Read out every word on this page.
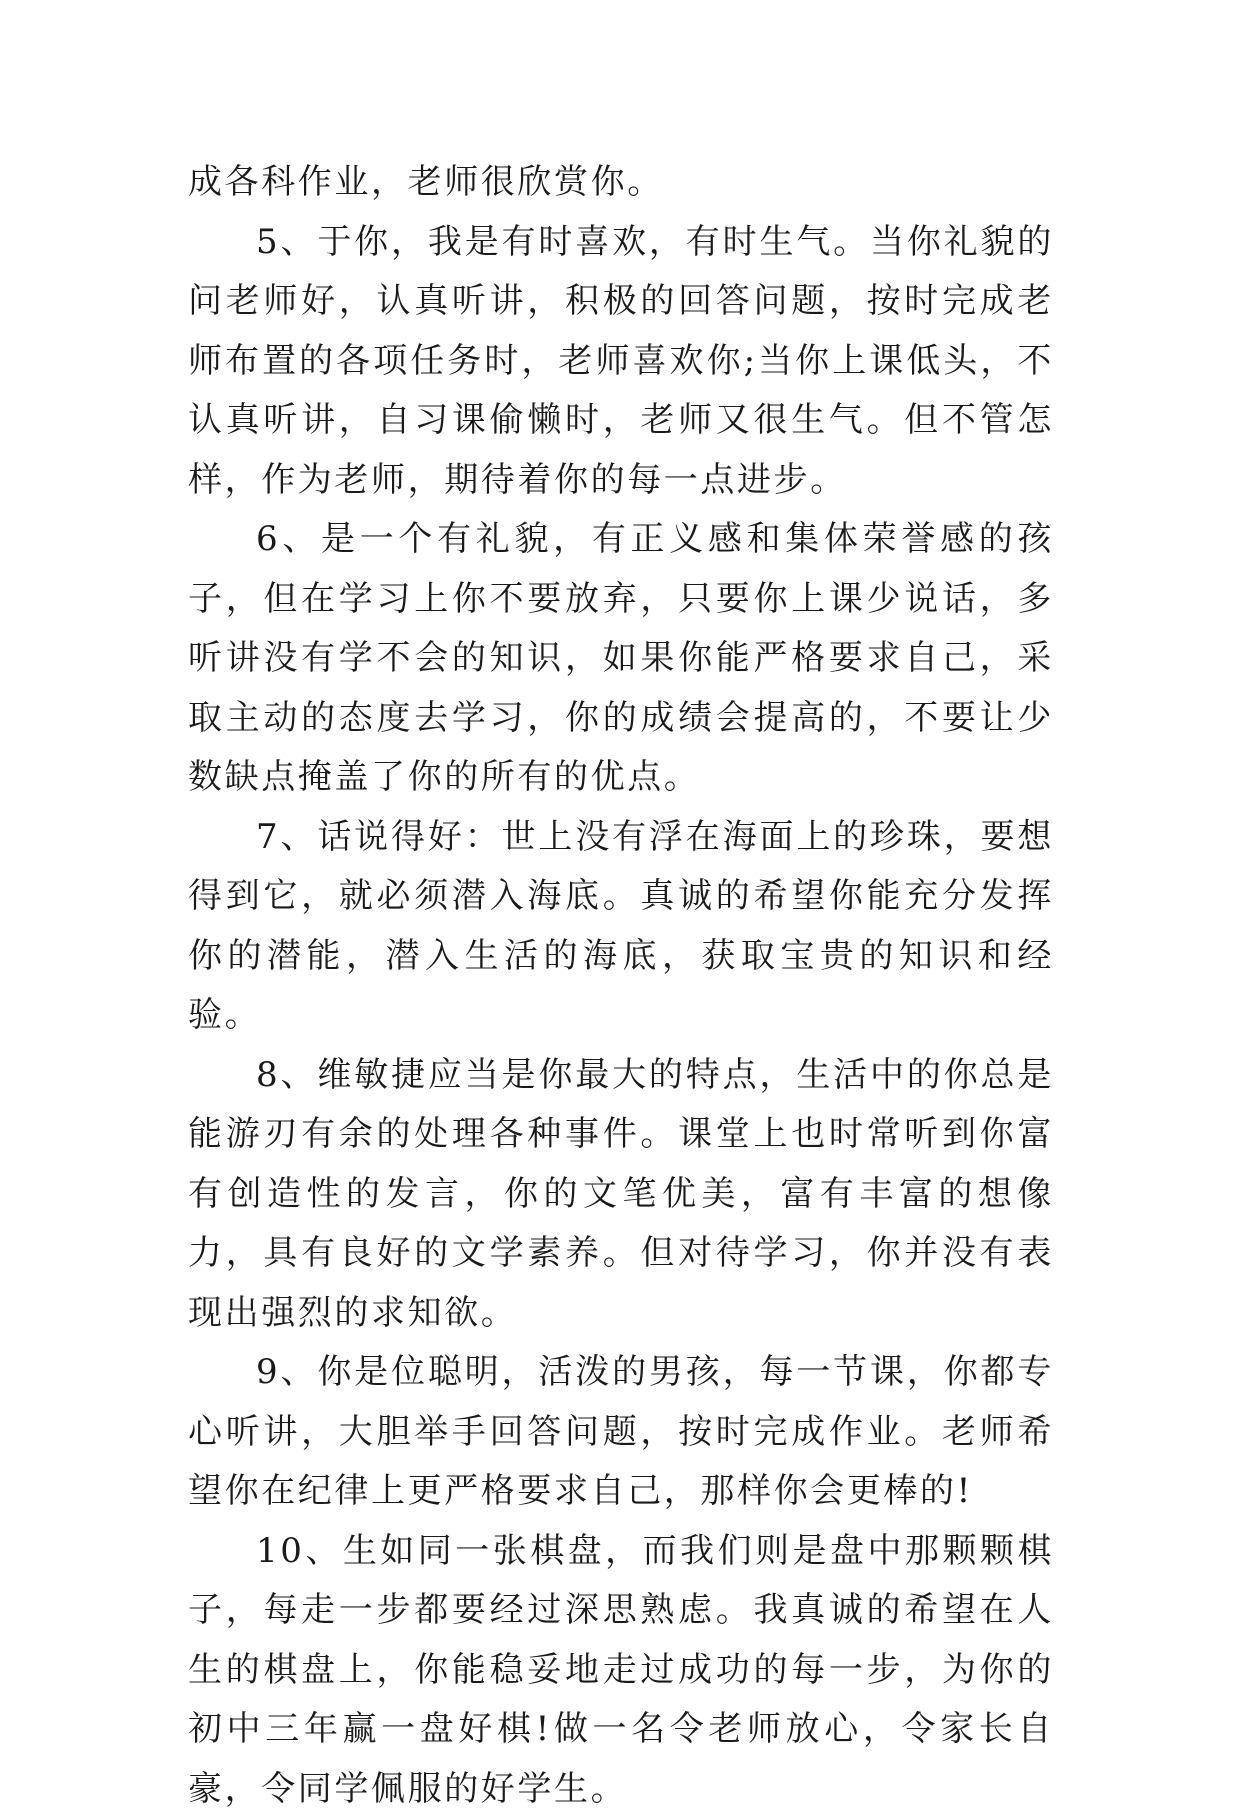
成各科作业，老师很欣赏你。

5、于你，我是有时喜欢，有时生气。当你礼貌的问老师好，认真听讲，积极的回答问题，按时完成老师布置的各项任务时，老师喜欢你;当你上课低头，不认真听讲，自习课偷懒时，老师又很生气。但不管怎样，作为老师，期待着你的每一点进步。

6、是一个有礼貌，有正义感和集体荣誉感的孩子，但在学习上你不要放弃，只要你上课少说话，多听讲没有学不会的知识，如果你能严格要求自己，采取主动的态度去学习，你的成绩会提高的，不要让少数缺点掩盖了你的所有的优点。

7、话说得好：世上没有浮在海面上的珍珠，要想得到它，就必须潜入海底。真诚的希望你能充分发挥你的潜能，潜入生活的海底，获取宝贵的知识和经验。

8、维敏捷应当是你最大的特点，生活中的你总是能游刃有余的处理各种事件。课堂上也时常听到你富有创造性的发言，你的文笔优美，富有丰富的想像力，具有良好的文学素养。但对待学习，你并没有表现出强烈的求知欲。

9、你是位聪明，活泼的男孩，每一节课，你都专心听讲，大胆举手回答问题，按时完成作业。老师希望你在纪律上更严格要求自己，那样你会更棒的!

10、生如同一张棋盘，而我们则是盘中那颗颗棋子，每走一步都要经过深思熟虑。我真诚的希望在人生的棋盘上，你能稳妥地走过成功的每一步，为你的初中三年赢一盘好棋!做一名令老师放心，令家长自豪，令同学佩服的好学生。
